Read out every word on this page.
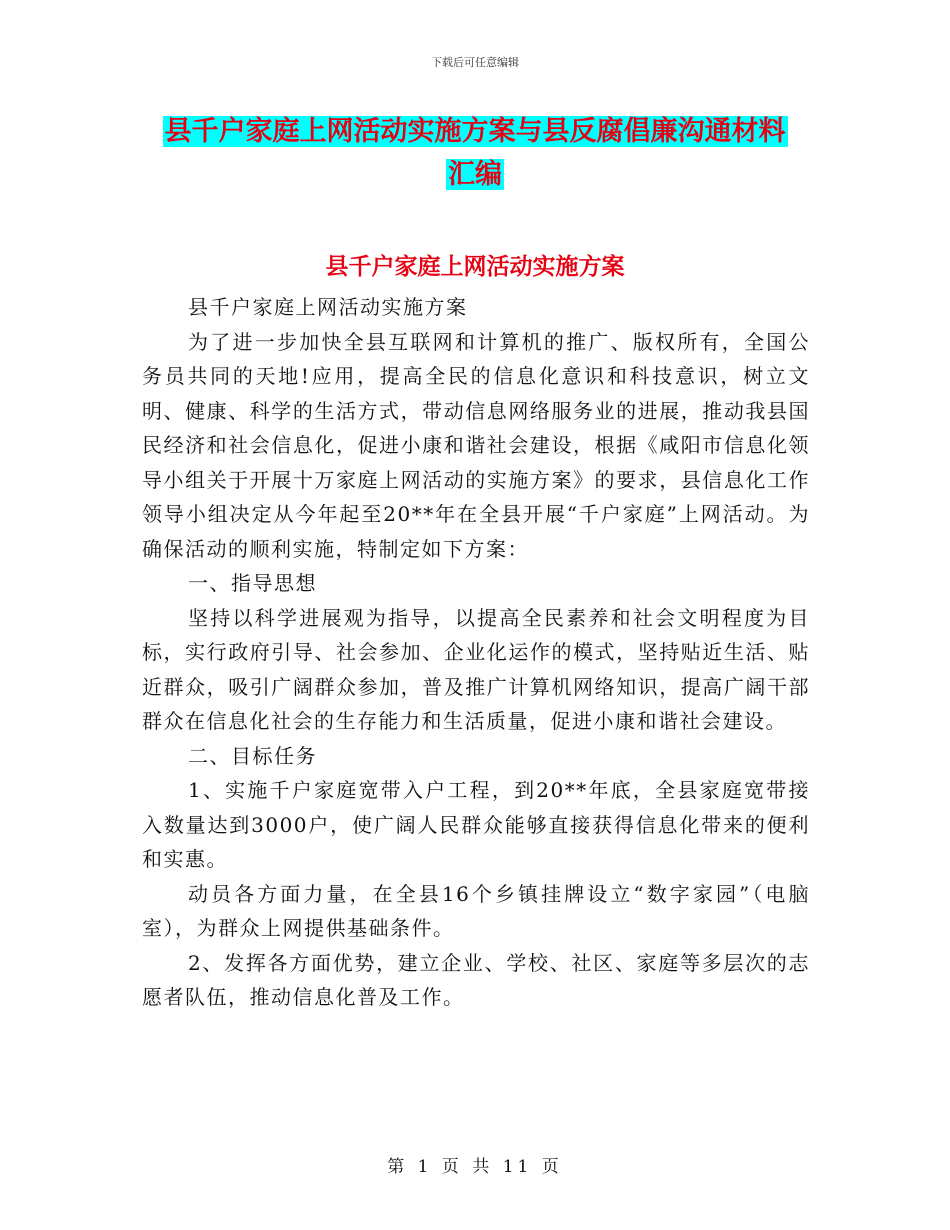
下载后可任意编辑
县千户家庭上网活动实施方案与县反腐倡廉沟通材料
汇编
县千户家庭上网活动实施方案

县千户家庭上网活动实施方案

为了进一步加快全县互联网和计算机的推广、版权所有，全国公务员共同的天地!应用，提高全民的信息化意识和科技意识，树立文明、健康、科学的生活方式，带动信息网络服务业的进展，推动我县国民经济和社会信息化，促进小康和谐社会建设，根据《咸阳市信息化领导小组关于开展十万家庭上网活动的实施方案》的要求，县信息化工作领导小组决定从今年起至20**年在全县开展“千户家庭”上网活动。为确保活动的顺利实施，特制定如下方案：

一、指导思想

坚持以科学进展观为指导，以提高全民素养和社会文明程度为目标，实行政府引导、社会参加、企业化运作的模式，坚持贴近生活、贴近群众，吸引广阔群众参加，普及推广计算机网络知识，提高广阔干部群众在信息化社会的生存能力和生活质量，促进小康和谐社会建设。

二、目标任务

1、实施千户家庭宽带入户工程，到20**年底，全县家庭宽带接入数量达到3000户，使广阔人民群众能够直接获得信息化带来的便利和实惠。

动员各方面力量，在全县16个乡镇挂牌设立“数字家园”（电脑室），为群众上网提供基础条件。

2、发挥各方面优势，建立企业、学校、社区、家庭等多层次的志愿者队伍，推动信息化普及工作。

第 1 页 共 11 页
